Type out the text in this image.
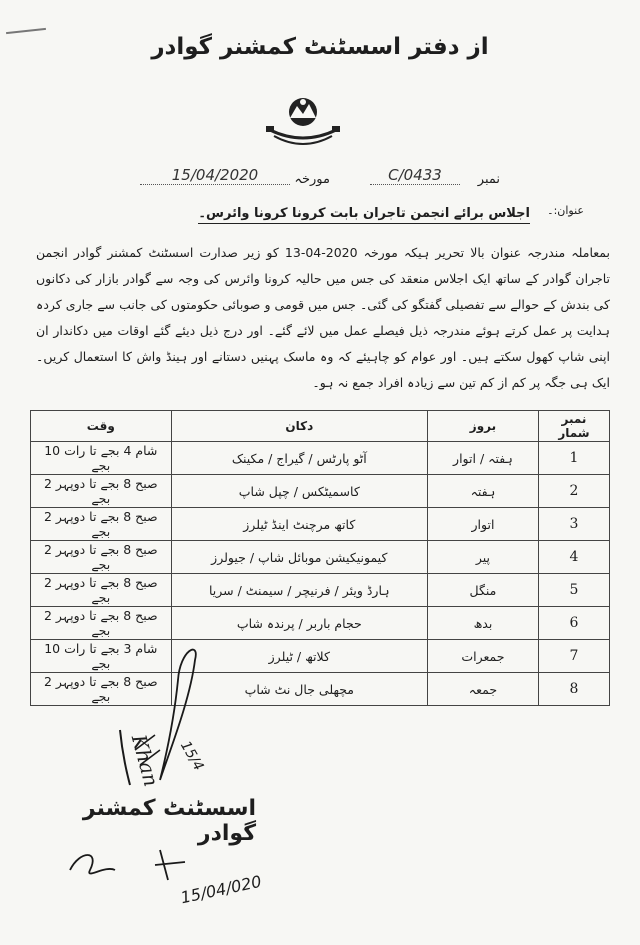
از دفتر اسسٹنٹ کمشنر گوادر
نمبر
0433/C
مورخہ
15/04/2020
عنوان:۔
اجلاس برائے انجمن تاجران بابت کرونا کرونا وائرس۔
بمعاملہ مندرجہ عنوان بالا تحریر ہیکہ مورخہ 2020-04-13 کو زیر صدارت اسسٹنٹ کمشنر گوادر انجمن تاجران گوادر کے ساتھ ایک اجلاس منعقد کی جس میں حالیہ کرونا وائرس کی وجہ سے گوادر بازار کی دکانوں کی بندش کے حوالے سے تفصیلی گفتگو کی گئی۔ جس میں قومی و صوبائی حکومتوں کی جانب سے جاری کردہ ہدایت پر عمل کرتے ہوئے مندرجہ ذیل فیصلے عمل میں لائے گئے۔ اور درج ذیل دیئے گئے اوقات میں دکاندار ان اپنی شاپ کھول سکتے ہیں۔ اور عوام کو چاہیئے کہ وہ ماسک پہنیں دستانے اور ہینڈ واش کا استعمال کریں۔ ایک ہی جگہ پر کم از کم تین سے زیادہ افراد جمع نہ ہو۔
نمبر شمار	بروز	دکان	وقت
1	ہفتہ / اتوار	آٹو پارٹس / گیراج / مکینک	شام 4 بجے تا رات 10 بجے
2	ہفتہ	کاسمیٹکس / چپل شاپ	صبح 8 بجے تا دوپہر 2 بجے
3	اتوار	کاتھ مرچنٹ اینڈ ٹیلرز	صبح 8 بجے تا دوپہر 2 بجے
4	پیر	کیمونیکیشن موبائل شاپ / جیولرز	صبح 8 بجے تا دوپہر 2 بجے
5	منگل	ہارڈ ویئر / فرنیچر / سیمنٹ / سریا	صبح 8 بجے تا دوپہر 2 بجے
6	بدھ	حجام باربر / پرندہ شاپ	صبح 8 بجے تا دوپہر 2 بجے
7	جمعرات	کلاتھ / ٹیلرز	شام 3 بجے تا رات 10 بجے
8	جمعہ	مچھلی جال نٹ شاپ	صبح 8 بجے تا دوپہر 2 بجے
Khan 15/4
اسسٹنٹ کمشنر گوادر
15/04/020
